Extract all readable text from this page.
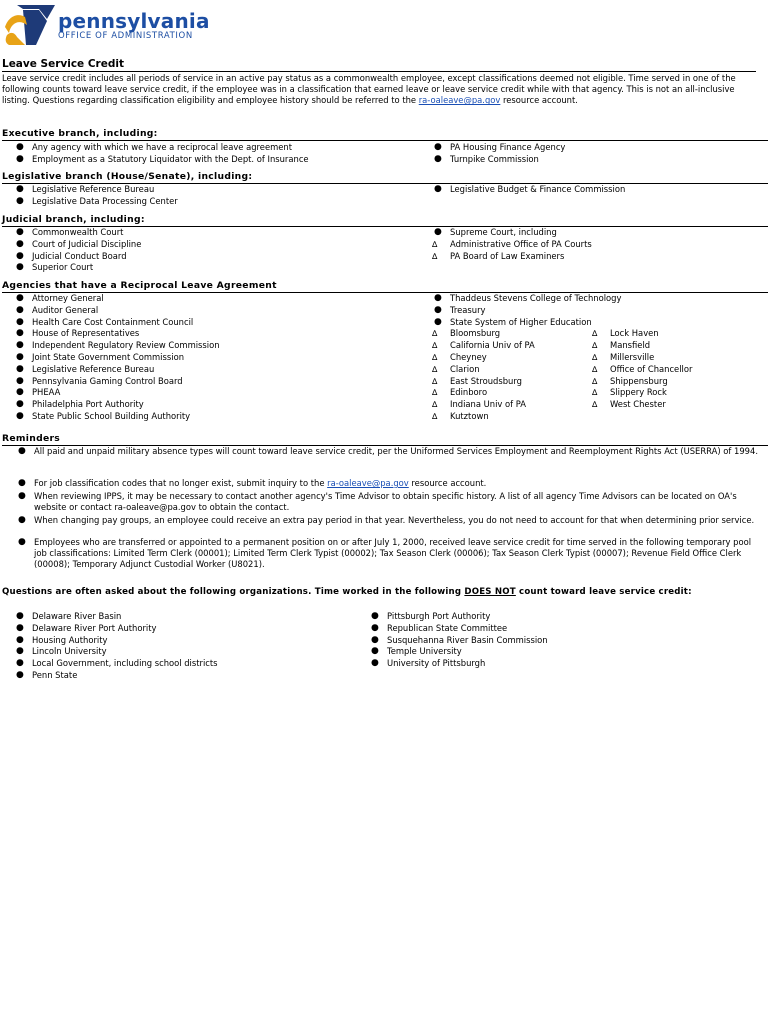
pennsylvania
OFFICE OF ADMINISTRATION
Leave Service Credit
Leave service credit includes all periods of service in an active pay status as a commonwealth employee, except classifications deemed not eligible. Time served in one of the following counts toward leave service credit, if the employee was in a classification that earned leave or leave service credit while with that agency. This is not an all-inclusive listing. Questions regarding classification eligibility and employee history should be referred to the ra-oaleave@pa.gov resource account.
Executive branch, including:
● Any agency with which we have a reciprocal leave agreement
● Employment as a Statutory Liquidator with the Dept. of Insurance
● PA Housing Finance Agency
● Turnpike Commission
Legislative branch (House/Senate), including:
● Legislative Reference Bureau
● Legislative Data Processing Center
● Legislative Budget & Finance Commission
Judicial branch, including:
● Commonwealth Court
● Court of Judicial Discipline
● Judicial Conduct Board
● Superior Court
● Supreme Court, including
∆ Administrative Office of PA Courts
∆ PA Board of Law Examiners
Agencies that have a Reciprocal Leave Agreement
● Attorney General
● Auditor General
● Health Care Cost Containment Council
● House of Representatives
● Independent Regulatory Review Commission
● Joint State Government Commission
● Legislative Reference Bureau
● Pennsylvania Gaming Control Board
● PHEAA
● Philadelphia Port Authority
● State Public School Building Authority
● Thaddeus Stevens College of Technology
● Treasury
● State System of Higher Education
∆ Bloomsburg
∆ California Univ of PA
∆ Cheyney
∆ Clarion
∆ East Stroudsburg
∆ Edinboro
∆ Indiana Univ of PA
∆ Kutztown
∆ Lock Haven
∆ Mansfield
∆ Millersville
∆ Office of Chancellor
∆ Shippensburg
∆ Slippery Rock
∆ West Chester
Reminders
● All paid and unpaid military absence types will count toward leave service credit, per the Uniformed Services Employment and Reemployment Rights Act (USERRA) of 1994.
● For job classification codes that no longer exist, submit inquiry to the ra-oaleave@pa.gov resource account.
● When reviewing IPPS, it may be necessary to contact another agency's Time Advisor to obtain specific history. A list of all agency Time Advisors can be located on OA's website or contact ra-oaleave@pa.gov to obtain the contact.
● When changing pay groups, an employee could receive an extra pay period in that year. Nevertheless, you do not need to account for that when determining prior service.
● Employees who are transferred or appointed to a permanent position on or after July 1, 2000, received leave service credit for time served in the following temporary pool job classifications: Limited Term Clerk (00001); Limited Term Clerk Typist (00002); Tax Season Clerk (00006); Tax Season Clerk Typist (00007); Revenue Field Office Clerk (00008); Temporary Adjunct Custodial Worker (U8021).
Questions are often asked about the following organizations. Time worked in the following DOES NOT count toward leave service credit:
● Delaware River Basin
● Delaware River Port Authority
● Housing Authority
● Lincoln University
● Local Government, including school districts
● Penn State
● Pittsburgh Port Authority
● Republican State Committee
● Susquehanna River Basin Commission
● Temple University
● University of Pittsburgh
